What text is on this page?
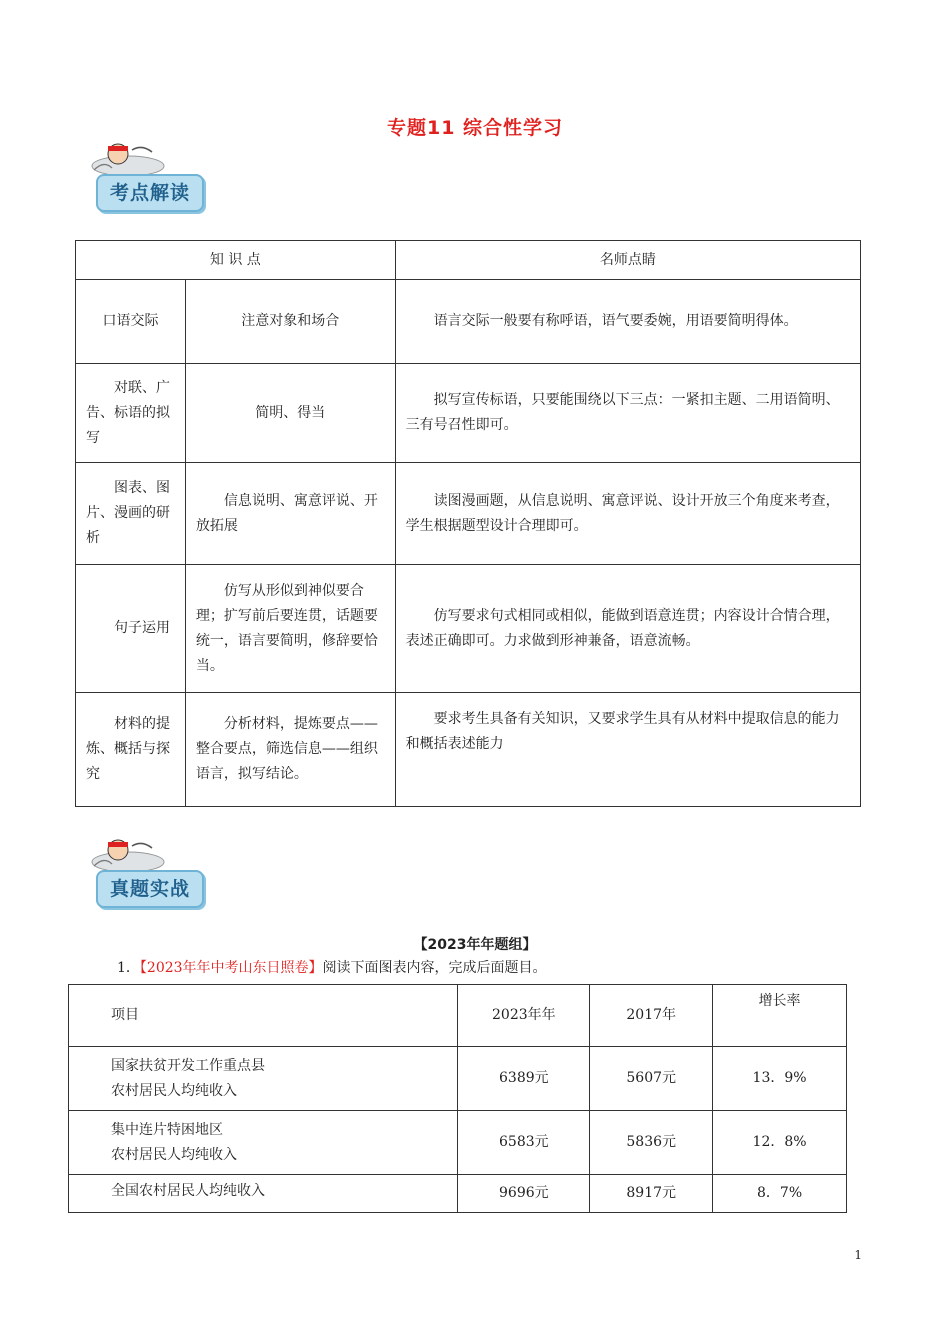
专题11 综合性学习
考点解读
知 识 点		名师点睛
口语交际	注意对象和场合	语言交际一般要有称呼语，语气要委婉，用语要简明得体。
对联、广告、标语的拟写	简明、得当	拟写宣传标语，只要能围绕以下三点：一紧扣主题、二用语简明、三有号召性即可。
图表、图片、漫画的研析	信息说明、寓意评说、开放拓展	读图漫画题，从信息说明、寓意评说、设计开放三个角度来考查，学生根据题型设计合理即可。
句子运用	仿写从形似到神似要合理；扩写前后要连贯，话题要统一，语言要简明，修辞要恰当。	仿写要求句式相同或相似，能做到语意连贯；内容设计合情合理，表述正确即可。力求做到形神兼备，语意流畅。
材料的提炼、概括与探究	分析材料，提炼要点——整合要点，筛选信息——组织语言，拟写结论。	要求考生具备有关知识，又要求学生具有从材料中提取信息的能力和概括表述能力
真题实战
【2023年年题组】
1．【2023年年中考山东日照卷】阅读下面图表内容，完成后面题目。
项目	2023年年	2017年	增长率

国家扶贫开发工作重点县
农村居民人均纯收入	6389元	5607元	13．9%

集中连片特困地区
农村居民人均纯收入	6583元	5836元	12．8%

全国农村居民人均纯收入	9696元	8917元	8．7%
1
